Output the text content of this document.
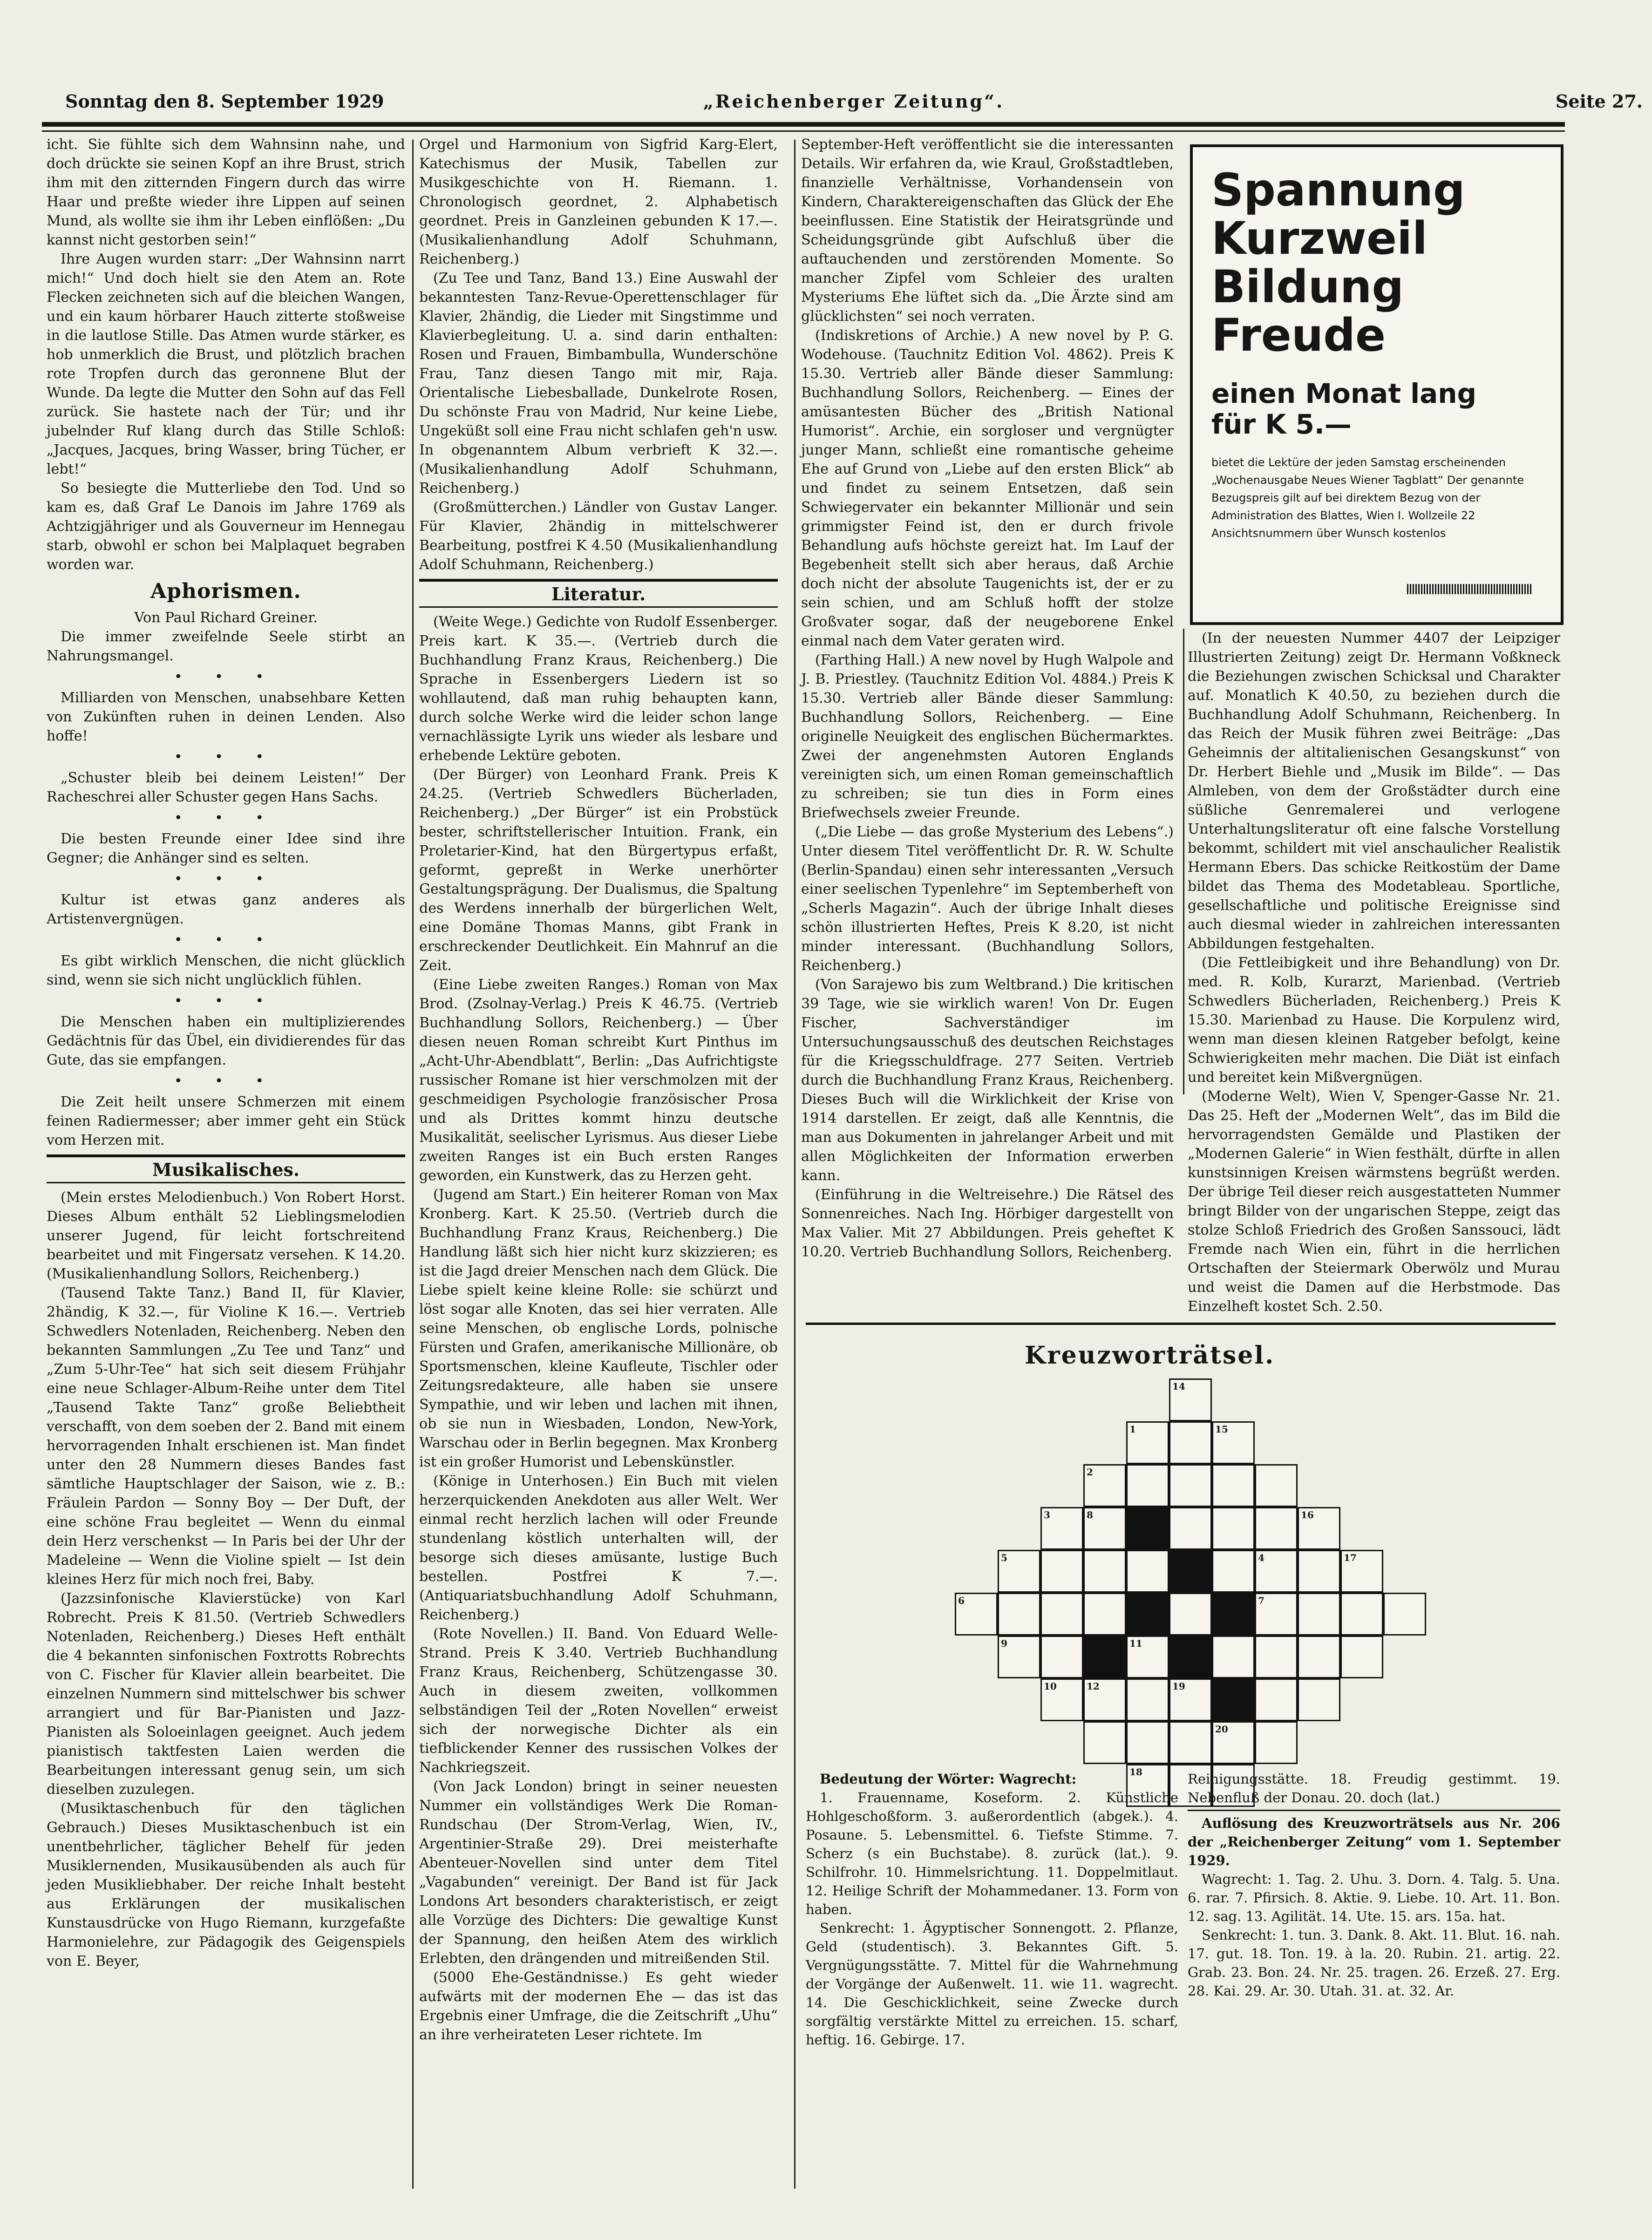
Sonntag den 8. September 1929	„Reichenberger Zeitung“.	Seite 27.

icht. Sie fühlte sich dem Wahnsinn nahe, und doch drückte sie seinen Kopf an ihre Brust, strich ihm mit den zitternden Fingern durch das wirre Haar und preßte wieder ihre Lippen auf seinen Mund, als wollte sie ihm ihr Leben einflößen: „Du kannst nicht gestorben sein!“

Ihre Augen wurden starr: „Der Wahnsinn narrt mich!“ Und doch hielt sie den Atem an. Rote Flecken zeichneten sich auf die bleichen Wangen, und ein kaum hörbarer Hauch zitterte stoßweise in die lautlose Stille. Das Atmen wurde stärker, es hob unmerklich die Brust, und plötzlich brachen rote Tropfen durch das geronnene Blut der Wunde. Da legte die Mutter den Sohn auf das Fell zurück. Sie hastete nach der Tür; und ihr jubelnder Ruf klang durch das Stille Schloß: „Jacques, Jacques, bring Wasser, bring Tücher, er lebt!“

So besiegte die Mutterliebe den Tod. Und so kam es, daß Graf Le Danois im Jahre 1769 als Achtzigjähriger und als Gouverneur im Hennegau starb, obwohl er schon bei Malplaquet begraben worden war.

Aphorismen.
Von Paul Richard Greiner.

Die immer zweifelnde Seele stirbt an Nahrungsmangel.

• • •

Milliarden von Menschen, unabsehbare Ketten von Zukünften ruhen in deinen Lenden. Also hoffe!

• • •

„Schuster bleib bei deinem Leisten!“ Der Racheschrei aller Schuster gegen Hans Sachs.

• • •

Die besten Freunde einer Idee sind ihre Gegner; die Anhänger sind es selten.

• • •

Kultur ist etwas ganz anderes als Artistenvergnügen.

• • •

Es gibt wirklich Menschen, die nicht glücklich sind, wenn sie sich nicht unglücklich fühlen.

• • •

Die Menschen haben ein multiplizierendes Gedächtnis für das Übel, ein dividierendes für das Gute, das sie empfangen.

• • •

Die Zeit heilt unsere Schmerzen mit einem feinen Radiermesser; aber immer geht ein Stück vom Herzen mit.

Musikalisches.

(Mein erstes Melodienbuch.) Von Robert Horst. Dieses Album enthält 52 Lieblingsmelodien unserer Jugend, für leicht fortschreitend bearbeitet und mit Fingersatz versehen. K 14.20. (Musikalienhandlung Sollors, Reichenberg.)

(Tausend Takte Tanz.) Band II, für Klavier, 2händig, K 32.—, für Violine K 16.—. Vertrieb Schwedlers Notenladen, Reichenberg. Neben den bekannten Sammlungen „Zu Tee und Tanz“ und „Zum 5-Uhr-Tee“ hat sich seit diesem Frühjahr eine neue Schlager-Album-Reihe unter dem Titel „Tausend Takte Tanz“ große Beliebtheit verschafft, von dem soeben der 2. Band mit einem hervorragenden Inhalt erschienen ist. Man findet unter den 28 Nummern dieses Bandes fast sämtliche Hauptschlager der Saison, wie z. B.: Fräulein Pardon — Sonny Boy — Der Duft, der eine schöne Frau begleitet — Wenn du einmal dein Herz verschenkst — In Paris bei der Uhr der Madeleine — Wenn die Violine spielt — Ist dein kleines Herz für mich noch frei, Baby.

(Jazzsinfonische Klavierstücke) von Karl Robrecht. Preis K 81.50. (Vertrieb Schwedlers Notenladen, Reichenberg.) Dieses Heft enthält die 4 bekannten sinfonischen Foxtrotts Robrechts von C. Fischer für Klavier allein bearbeitet. Die einzelnen Nummern sind mittelschwer bis schwer arrangiert und für Bar-Pianisten und Jazz-Pianisten als Soloeinlagen geeignet. Auch jedem pianistisch taktfesten Laien werden die Bearbeitungen interessant genug sein, um sich dieselben zuzulegen.

(Musiktaschenbuch für den täglichen Gebrauch.) Dieses Musiktaschenbuch ist ein unentbehrlicher, täglicher Behelf für jeden Musiklernenden, Musikausübenden als auch für jeden Musikliebhaber. Der reiche Inhalt besteht aus Erklärungen der musikalischen Kunstausdrücke von Hugo Riemann, kurzgefaßte Harmonielehre, zur Pädagogik des Geigenspiels von E. Beyer,

Orgel und Harmonium von Sigfrid Karg-Elert, Katechismus der Musik, Tabellen zur Musikgeschichte von H. Riemann. 1. Chronologisch geordnet, 2. Alphabetisch geordnet. Preis in Ganzleinen gebunden K 17.—. (Musikalienhandlung Adolf Schuhmann, Reichenberg.)

(Zu Tee und Tanz, Band 13.) Eine Auswahl der bekanntesten Tanz-Revue-Operettenschlager für Klavier, 2händig, die Lieder mit Singstimme und Klavierbegleitung. U. a. sind darin enthalten: Rosen und Frauen, Bimbambulla, Wunderschöne Frau, Tanz diesen Tango mit mir, Raja. Orientalische Liebesballade, Dunkelrote Rosen, Du schönste Frau von Madrid, Nur keine Liebe, Ungeküßt soll eine Frau nicht schlafen geh'n usw. In obgenanntem Album verbrieft K 32.—. (Musikalienhandlung Adolf Schuhmann, Reichenberg.)

(Großmütterchen.) Ländler von Gustav Langer. Für Klavier, 2händig in mittelschwerer Bearbeitung, postfrei K 4.50 (Musikalienhandlung Adolf Schuhmann, Reichenberg.)

Literatur.

(Weite Wege.) Gedichte von Rudolf Essenberger. Preis kart. K 35.—. (Vertrieb durch die Buchhandlung Franz Kraus, Reichenberg.) Die Sprache in Essenbergers Liedern ist so wohllautend, daß man ruhig behaupten kann, durch solche Werke wird die leider schon lange vernachlässigte Lyrik uns wieder als lesbare und erhebende Lektüre geboten.

(Der Bürger) von Leonhard Frank. Preis K 24.25. (Vertrieb Schwedlers Bücherladen, Reichenberg.) „Der Bürger“ ist ein Probstück bester, schriftstellerischer Intuition. Frank, ein Proletarier-Kind, hat den Bürgertypus erfaßt, geformt, gepreßt in Werke unerhörter Gestaltungsprägung. Der Dualismus, die Spaltung des Werdens innerhalb der bürgerlichen Welt, eine Domäne Thomas Manns, gibt Frank in erschreckender Deutlichkeit. Ein Mahnruf an die Zeit.

(Eine Liebe zweiten Ranges.) Roman von Max Brod. (Zsolnay-Verlag.) Preis K 46.75. (Vertrieb Buchhandlung Sollors, Reichenberg.) — Über diesen neuen Roman schreibt Kurt Pinthus im „Acht-Uhr-Abendblatt“, Berlin: „Das Aufrichtigste russischer Romane ist hier verschmolzen mit der geschmeidigen Psychologie französischer Prosa und als Drittes kommt hinzu deutsche Musikalität, seelischer Lyrismus. Aus dieser Liebe zweiten Ranges ist ein Buch ersten Ranges geworden, ein Kunstwerk, das zu Herzen geht.

(Jugend am Start.) Ein heiterer Roman von Max Kronberg. Kart. K 25.50. (Vertrieb durch die Buchhandlung Franz Kraus, Reichenberg.) Die Handlung läßt sich hier nicht kurz skizzieren; es ist die Jagd dreier Menschen nach dem Glück. Die Liebe spielt keine kleine Rolle: sie schürzt und löst sogar alle Knoten, das sei hier verraten. Alle seine Menschen, ob englische Lords, polnische Fürsten und Grafen, amerikanische Millionäre, ob Sportsmenschen, kleine Kaufleute, Tischler oder Zeitungsredakteure, alle haben sie unsere Sympathie, und wir leben und lachen mit ihnen, ob sie nun in Wiesbaden, London, New-York, Warschau oder in Berlin begegnen. Max Kronberg ist ein großer Humorist und Lebenskünstler.

(Könige in Unterhosen.) Ein Buch mit vielen herzerquickenden Anekdoten aus aller Welt. Wer einmal recht herzlich lachen will oder Freunde stundenlang köstlich unterhalten will, der besorge sich dieses amüsante, lustige Buch bestellen. Postfrei K 7.—. (Antiquariatsbuchhandlung Adolf Schuhmann, Reichenberg.)

(Rote Novellen.) II. Band. Von Eduard Welle-Strand. Preis K 3.40. Vertrieb Buchhandlung Franz Kraus, Reichenberg, Schützengasse 30. Auch in diesem zweiten, vollkommen selbständigen Teil der „Roten Novellen“ erweist sich der norwegische Dichter als ein tiefblickender Kenner des russischen Volkes der Nachkriegszeit.

(Von Jack London) bringt in seiner neuesten Nummer ein vollständiges Werk Die Roman-Rundschau (Der Strom-Verlag, Wien, IV., Argentinier-Straße 29). Drei meisterhafte Abenteuer-Novellen sind unter dem Titel „Vagabunden“ vereinigt. Der Band ist für Jack Londons Art besonders charakteristisch, er zeigt alle Vorzüge des Dichters: Die gewaltige Kunst der Spannung, den heißen Atem des wirklich Erlebten, den drängenden und mitreißenden Stil.

(5000 Ehe-Geständnisse.) Es geht wieder aufwärts mit der modernen Ehe — das ist das Ergebnis einer Umfrage, die die Zeitschrift „Uhu“ an ihre verheirateten Leser richtete. Im

September-Heft veröffentlicht sie die interessanten Details. Wir erfahren da, wie Kraul, Großstadtleben, finanzielle Verhältnisse, Vorhandensein von Kindern, Charaktereigenschaften das Glück der Ehe beeinflussen. Eine Statistik der Heiratsgründe und Scheidungsgründe gibt Aufschluß über die auftauchenden und zerstörenden Momente. So mancher Zipfel vom Schleier des uralten Mysteriums Ehe lüftet sich da. „Die Ärzte sind am glücklichsten“ sei noch verraten.

(Indiskretions of Archie.) A new novel by P. G. Wodehouse. (Tauchnitz Edition Vol. 4862). Preis K 15.30. Vertrieb aller Bände dieser Sammlung: Buchhandlung Sollors, Reichenberg. — Eines der amüsantesten Bücher des „British National Humorist“. Archie, ein sorgloser und vergnügter junger Mann, schließt eine romantische geheime Ehe auf Grund von „Liebe auf den ersten Blick“ ab und findet zu seinem Entsetzen, daß sein Schwiegervater ein bekannter Millionär und sein grimmigster Feind ist, den er durch frivole Behandlung aufs höchste gereizt hat. Im Lauf der Begebenheit stellt sich aber heraus, daß Archie doch nicht der absolute Taugenichts ist, der er zu sein schien, und am Schluß hofft der stolze Großvater sogar, daß der neugeborene Enkel einmal nach dem Vater geraten wird.

(Farthing Hall.) A new novel by Hugh Walpole and J. B. Priestley. (Tauchnitz Edition Vol. 4884.) Preis K 15.30. Vertrieb aller Bände dieser Sammlung: Buchhandlung Sollors, Reichenberg. — Eine originelle Neuigkeit des englischen Büchermarktes. Zwei der angenehmsten Autoren Englands vereinigten sich, um einen Roman gemeinschaftlich zu schreiben; sie tun dies in Form eines Briefwechsels zweier Freunde.

(„Die Liebe — das große Mysterium des Lebens“.) Unter diesem Titel veröffentlicht Dr. R. W. Schulte (Berlin-Spandau) einen sehr interessanten „Versuch einer seelischen Typenlehre“ im Septemberheft von „Scherls Magazin“. Auch der übrige Inhalt dieses schön illustrierten Heftes, Preis K 8.20, ist nicht minder interessant. (Buchhandlung Sollors, Reichenberg.)

(Von Sarajewo bis zum Weltbrand.) Die kritischen 39 Tage, wie sie wirklich waren! Von Dr. Eugen Fischer, Sachverständiger im Untersuchungsausschuß des deutschen Reichstages für die Kriegsschuldfrage. 277 Seiten. Vertrieb durch die Buchhandlung Franz Kraus, Reichenberg. Dieses Buch will die Wirklichkeit der Krise von 1914 darstellen. Er zeigt, daß alle Kenntnis, die man aus Dokumenten in jahrelanger Arbeit und mit allen Möglichkeiten der Information erwerben kann.

(Einführung in die Weltreisehre.) Die Rätsel des Sonnenreiches. Nach Ing. Hörbiger dargestellt von Max Valier. Mit 27 Abbildungen. Preis geheftet K 10.20. Vertrieb Buchhandlung Sollors, Reichenberg.

Spannung
Kurzweil
Bildung
Freude
einen Monat lang
für K 5.—
bietet die Lektüre der jeden Samstag erscheinenden „Wochenausgabe Neues Wiener Tagblatt“ Der genannte Bezugspreis gilt auf bei direktem Bezug von der Administration des Blattes, Wien I. Wollzeile 22 Ansichtsnummern über Wunsch kostenlos

(In der neuesten Nummer 4407 der Leipziger Illustrierten Zeitung) zeigt Dr. Hermann Voßkneck die Beziehungen zwischen Schicksal und Charakter auf. Monatlich K 40.50, zu beziehen durch die Buchhandlung Adolf Schuhmann, Reichenberg. In das Reich der Musik führen zwei Beiträge: „Das Geheimnis der altitalienischen Gesangskunst“ von Dr. Herbert Biehle und „Musik im Bilde“. — Das Almleben, von dem der Großstädter durch eine süßliche Genremalerei und verlogene Unterhaltungsliteratur oft eine falsche Vorstellung bekommt, schildert mit viel anschaulicher Realistik Hermann Ebers. Das schicke Reitkostüm der Dame bildet das Thema des Modetableau. Sportliche, gesellschaftliche und politische Ereignisse sind auch diesmal wieder in zahlreichen interessanten Abbildungen festgehalten.

(Die Fettleibigkeit und ihre Behandlung) von Dr. med. R. Kolb, Kurarzt, Marienbad. (Vertrieb Schwedlers Bücherladen, Reichenberg.) Preis K 15.30. Marienbad zu Hause. Die Korpulenz wird, wenn man diesen kleinen Ratgeber befolgt, keine Schwierigkeiten mehr machen. Die Diät ist einfach und bereitet kein Mißvergnügen.

(Moderne Welt), Wien V, Spenger-Gasse Nr. 21. Das 25. Heft der „Modernen Welt“, das im Bild die hervorragendsten Gemälde und Plastiken der „Modernen Galerie“ in Wien festhält, dürfte in allen kunstsinnigen Kreisen wärmstens begrüßt werden. Der übrige Teil dieser reich ausgestatteten Nummer bringt Bilder von der ungarischen Steppe, zeigt das stolze Schloß Friedrich des Großen Sanssouci, lädt Fremde nach Wien ein, führt in die herrlichen Ortschaften der Steiermark Oberwölz und Murau und weist die Damen auf die Herbstmode. Das Einzelheft kostet Sch. 2.50.

Kreuzworträtsel.
14
1	15
2
3	8	16
5	4	17
6	7
9	11
10	12	19
20
18

Bedeutung der Wörter: Wagrecht:

1. Frauenname, Koseform. 2. Künstliche Hohlgeschoßform. 3. außerordentlich (abgek.). 4. Posaune. 5. Lebensmittel. 6. Tiefste Stimme. 7. Scherz (s ein Buchstabe). 8. zurück (lat.). 9. Schilfrohr. 10. Himmelsrichtung. 11. Doppelmitlaut. 12. Heilige Schrift der Mohammedaner. 13. Form von haben.

Senkrecht: 1. Ägyptischer Sonnengott. 2. Pflanze, Geld (studentisch). 3. Bekanntes Gift. 5. Vergnügungsstätte. 7. Mittel für die Wahrnehmung der Vorgänge der Außenwelt. 11. wie 11. wagrecht. 14. Die Geschicklichkeit, seine Zwecke durch sorgfältig verstärkte Mittel zu erreichen. 15. scharf, heftig. 16. Gebirge. 17.

Reinigungsstätte. 18. Freudig gestimmt. 19. Nebenfluß der Donau. 20. doch (lat.)

Auflösung des Kreuzworträtsels aus Nr. 206 der „Reichenberger Zeitung“ vom 1. September 1929.

Wagrecht: 1. Tag. 2. Uhu. 3. Dorn. 4. Talg. 5. Una. 6. rar. 7. Pfirsich. 8. Aktie. 9. Liebe. 10. Art. 11. Bon. 12. sag. 13. Agilität. 14. Ute. 15. ars. 15a. hat.

Senkrecht: 1. tun. 3. Dank. 8. Akt. 11. Blut. 16. nah. 17. gut. 18. Ton. 19. à la. 20. Rubin. 21. artig. 22. Grab. 23. Bon. 24. Nr. 25. tragen. 26. Erzeß. 27. Erg. 28. Kai. 29. Ar. 30. Utah. 31. at. 32. Ar.
